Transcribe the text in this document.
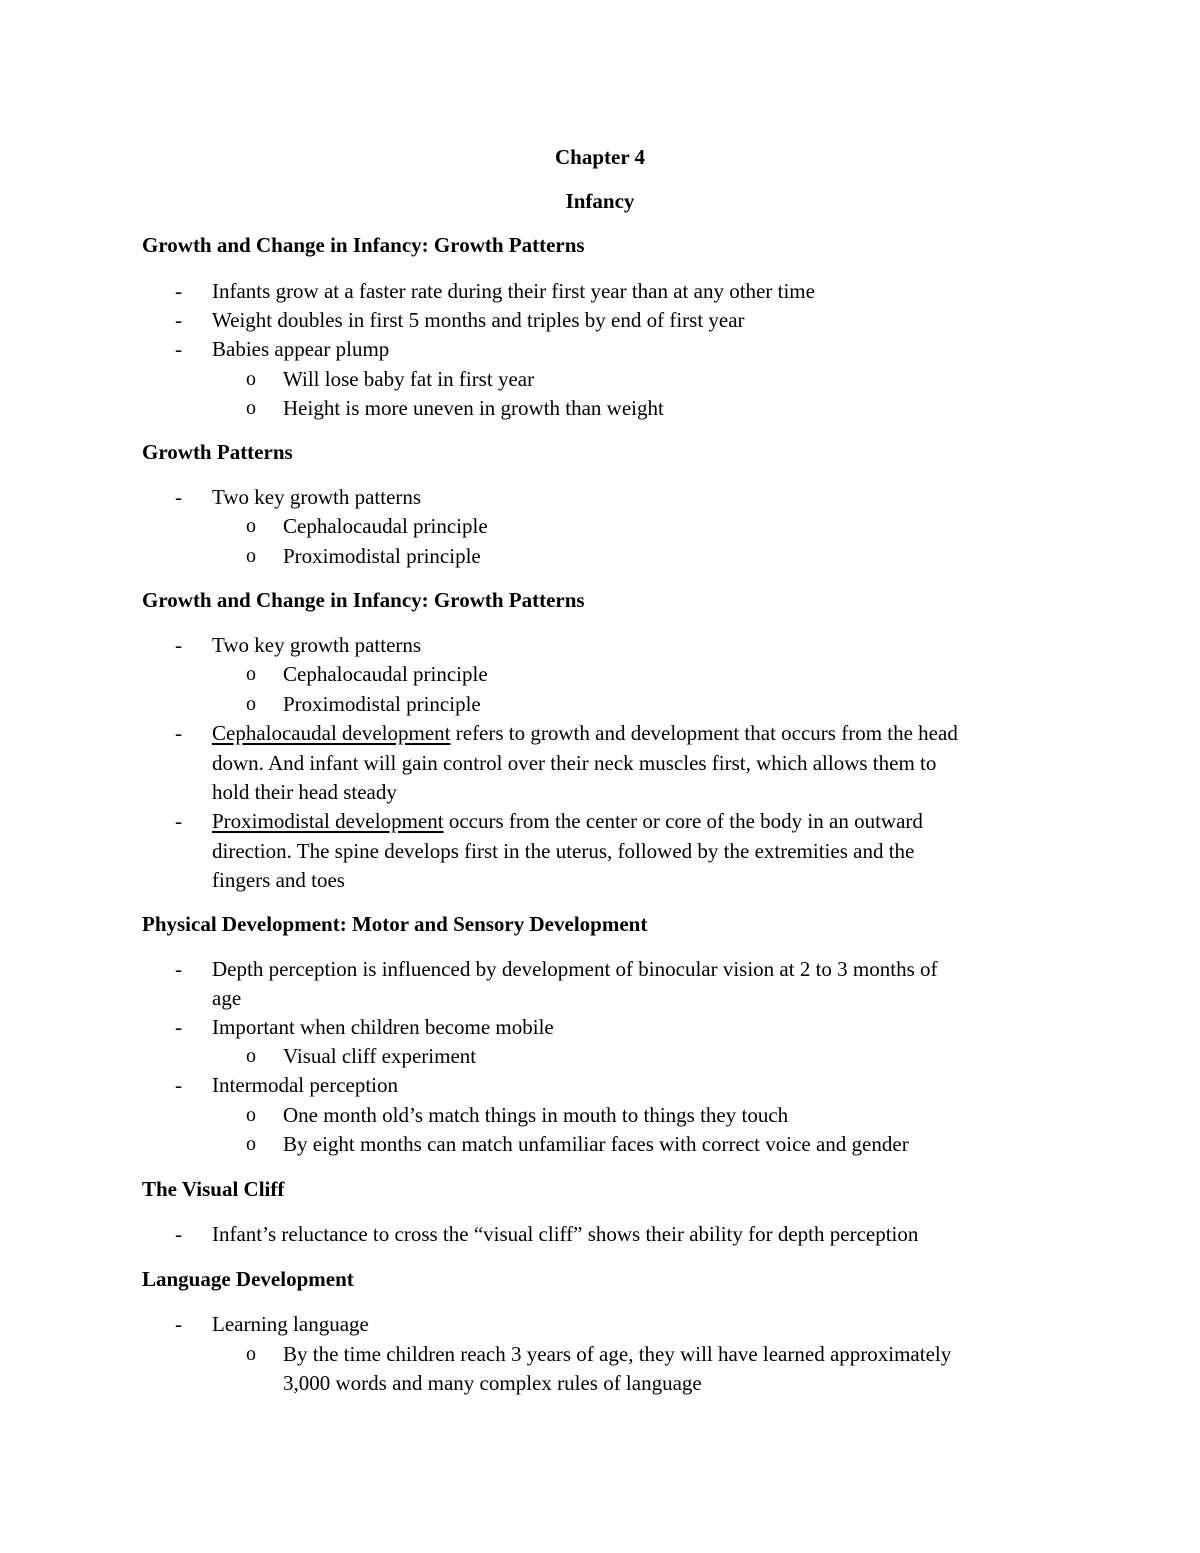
Chapter 4
Infancy
Growth and Change in Infancy: Growth Patterns
- Infants grow at a faster rate during their first year than at any other time
- Weight doubles in first 5 months and triples by end of first year
- Babies appear plump
o Will lose baby fat in first year
o Height is more uneven in growth than weight
Growth Patterns
- Two key growth patterns
o Cephalocaudal principle
o Proximodistal principle
Growth and Change in Infancy: Growth Patterns
- Two key growth patterns
o Cephalocaudal principle
o Proximodistal principle
- Cephalocaudal development refers to growth and development that occurs from the head
down. And infant will gain control over their neck muscles first, which allows them to
hold their head steady
- Proximodistal development occurs from the center or core of the body in an outward
direction. The spine develops first in the uterus, followed by the extremities and the
fingers and toes
Physical Development: Motor and Sensory Development
- Depth perception is influenced by development of binocular vision at 2 to 3 months of
age
- Important when children become mobile
o Visual cliff experiment
- Intermodal perception
o One month old’s match things in mouth to things they touch
o By eight months can match unfamiliar faces with correct voice and gender
The Visual Cliff
- Infant’s reluctance to cross the “visual cliff” shows their ability for depth perception
Language Development
- Learning language
o By the time children reach 3 years of age, they will have learned approximately
3,000 words and many complex rules of language
